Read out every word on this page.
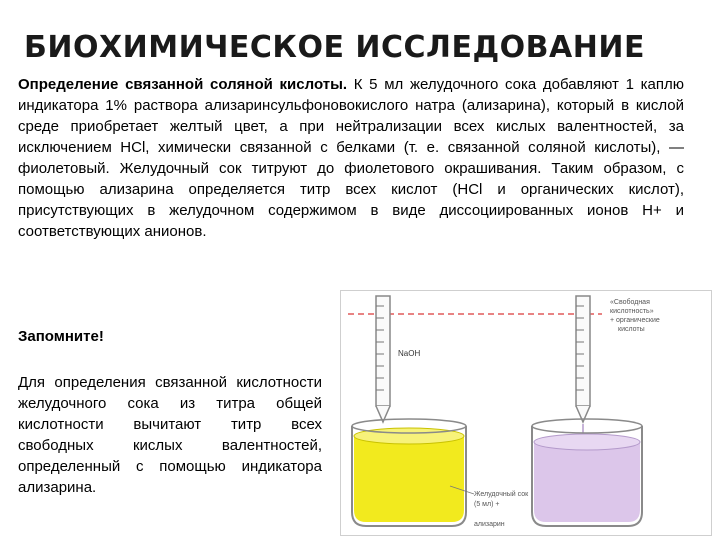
БИОХИМИЧЕСКОЕ ИССЛЕДОВАНИЕ
Определение связанной соляной кислоты. К 5 мл желудочного сока добавляют 1 каплю индикатора 1% раствора ализаринсульфоновокислого натра (ализарина), который в кислой среде приобретает желтый цвет, а при нейтрализации всех кислых валентностей, за исключением HCl, химически связанной с белками (т. е. связанной соляной кислоты), — фиолетовый. Желудочный сок титруют до фиолетового окрашивания. Таким образом, с помощью ализарина определяется титр всех кислот (HCl и органических кислот), присутствующих в желудочном содержимом в виде диссоциированных ионов H+ и соответствующих анионов.
Запомните!
Для определения связанной кислотности желудочного сока из титра общей кислотности вычитают титр всех свободных кислых валентностей, определенный с помощью индикатора ализарина.
NaOH
«Свободная
кислотность»
+ органические
кислоты
Желудочный сок
(5 мл) +
ализарин
